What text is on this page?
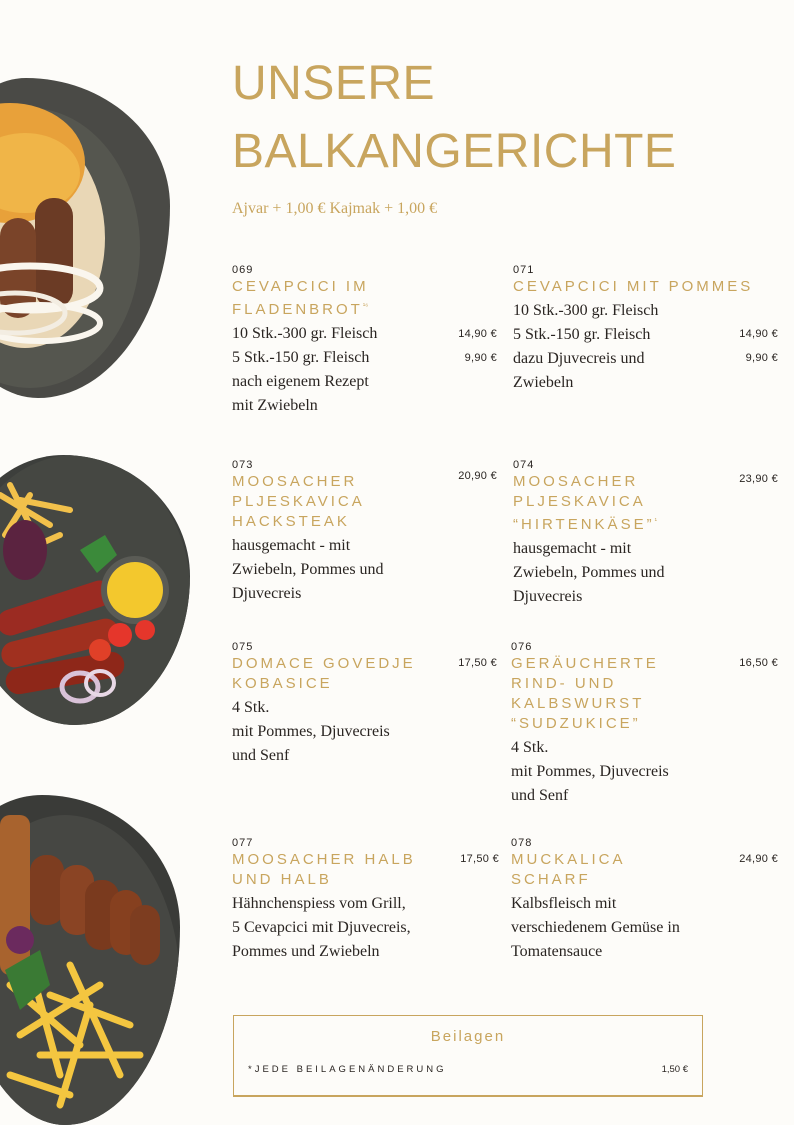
UNSERE
BALKANGERICHTE
Ajvar + 1,00 € Kajmak + 1,00 €
069
CEVAPCICI IM $FLADENBROT^{^{16}}$
10 Stk.-300 gr. Fleisch
5 Stk.-150 gr. Fleisch
nach eigenem Rezept
mit Zwiebeln
14,90 €
9,90 €
071
CEVAPCICI MIT POMMES
10 Stk.-300 gr. Fleisch
5 Stk.-150 gr. Fleisch
dazu Djuvecreis und
Zwiebeln
14,90 €
9,90 €
073
MOOSACHER PLJESKAVICA HACKSTEAK
hausgemacht - mit
Zwiebeln, Pommes und
Djuvecreis
20,90 €
074
MOOSACHER PLJESKAVICA “HIRTENKÄSE”$^{^1}$
hausgemacht - mit
Zwiebeln, Pommes und
Djuvecreis
23,90 €
075
DOMACE GOVEDJE KOBASICE
4 Stk.
mit Pommes, Djuvecreis
und Senf
17,50 €
076
GERÄUCHERTE RIND- UND KALBSWURST “SUDZUKICE”
4 Stk.
mit Pommes, Djuvecreis
und Senf
16,50 €
077
MOOSACHER HALB UND HALB
Hähnchenspiess vom Grill,
5 Cevapcici mit Djuvecreis,
Pommes und Zwiebeln
17,50 €
078
MUCKALICA SCHARF
Kalbsfleisch mit
verschiedenem Gemüse in
Tomatensauce
24,90 €
Beilagen
*JEDE BEILAGENÄNDERUNG	1,50 €
